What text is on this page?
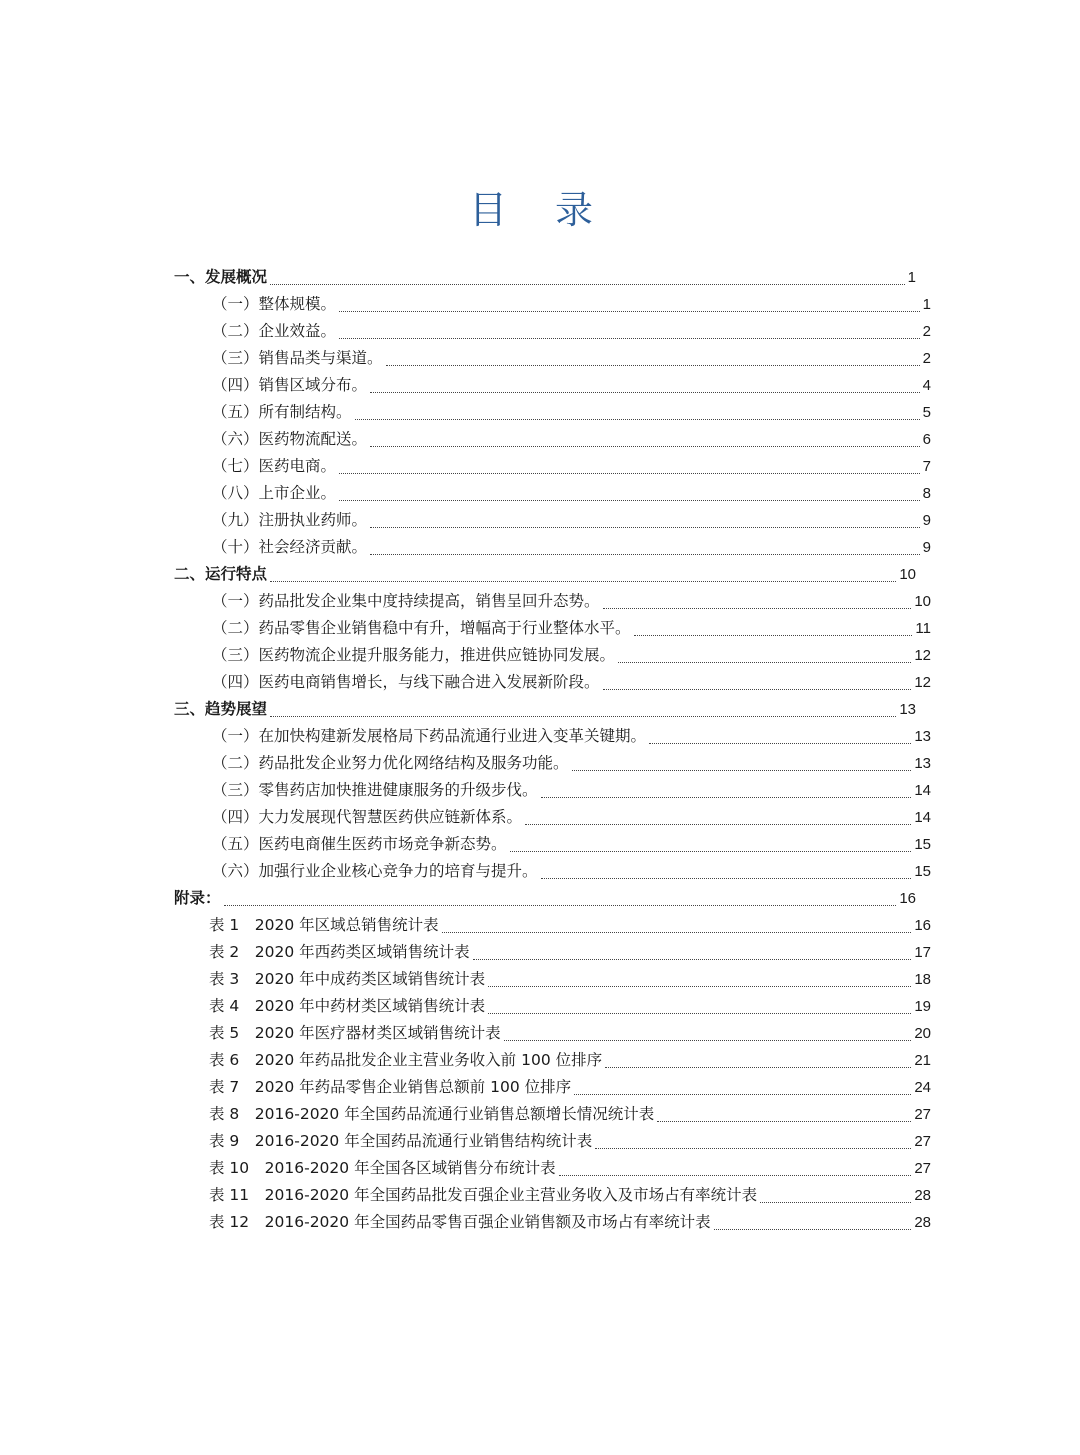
目 录
一、发展概况	1
（一）整体规模。	1
（二）企业效益。	2
（三）销售品类与渠道。	2
（四）销售区域分布。	4
（五）所有制结构。	5
（六）医药物流配送。	6
（七）医药电商。	7
（八）上市企业。	8
（九）注册执业药师。	9
（十）社会经济贡献。	9
二、运行特点	10
（一）药品批发企业集中度持续提高，销售呈回升态势。	10
（二）药品零售企业销售稳中有升，增幅高于行业整体水平。	11
（三）医药物流企业提升服务能力，推进供应链协同发展。	12
（四）医药电商销售增长，与线下融合进入发展新阶段。	12
三、趋势展望	13
（一）在加快构建新发展格局下药品流通行业进入变革关键期。	13
（二）药品批发企业努力优化网络结构及服务功能。	13
（三）零售药店加快推进健康服务的升级步伐。	14
（四）大力发展现代智慧医药供应链新体系。	14
（五）医药电商催生医药市场竞争新态势。	15
（六）加强行业企业核心竞争力的培育与提升。	15
附录：	16
表 1　2020 年区域总销售统计表	16
表 2　2020 年西药类区域销售统计表	17
表 3　2020 年中成药类区域销售统计表	18
表 4　2020 年中药材类区域销售统计表	19
表 5　2020 年医疗器材类区域销售统计表	20
表 6　2020 年药品批发企业主营业务收入前 100 位排序	21
表 7　2020 年药品零售企业销售总额前 100 位排序	24
表 8　2016-2020 年全国药品流通行业销售总额增长情况统计表	27
表 9　2016-2020 年全国药品流通行业销售结构统计表	27
表 10　2016-2020 年全国各区域销售分布统计表	27
表 11　2016-2020 年全国药品批发百强企业主营业务收入及市场占有率统计表	28
表 12　2016-2020 年全国药品零售百强企业销售额及市场占有率统计表	28
